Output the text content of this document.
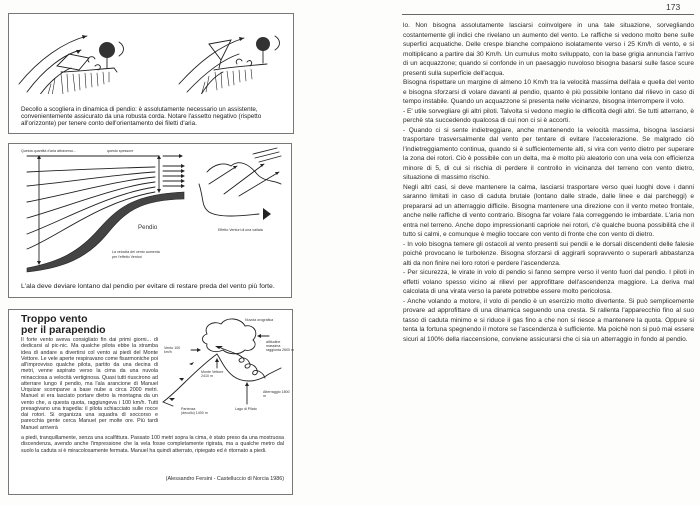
173
Decollo a scogliera in dinamica di pendio: è assolutamente necessario un assistente, convenientemente assicurato da una robusta corda. Notare l'assetto negativo (rispetto all'orizzonte) per tenere conto dell'orientamento dei filetti d'aria.
Questa quantità d'aria attraverso...	questo spessore
Pendio
La velocità del vento aumenta
per l'effetto Venturi
Effetto Venturi di una vallata
L'ala deve deviare lontano dal pendio per evitare di restare preda del vento più forte.
Troppo vento
per il parapendio
Il forte vento aveva consigliato fin dai primi giorni... di dedicarsi al pic-nic. Ma qualche pilota ebbe la stramba idea di andare a divertirsi col vento ai piedi del Monte Vettore. Le vele aperte respiravano come fisarmoniche poi all'improvviso qualche pilota, partito da una decina di metri, venne aspirato verso la cima da una nuvola minacciosa a velocità vertiginosa. Quasi tutti riuscirono ad atterrare lungo il pendio, ma l'ala arancione di Manuel Urquizar scomparve a base nube a circa 2000 metri. Manuel si era lasciato portare dietro la montagna da un vento che, a questa quota, raggiungeva i 100 km/h. Tutti presagivano una tragedia: il pilota schiacciato sulle rocce dai rotori. Si organizza una squadra di soccorso e parecchia gente cerca Manuel per molte ore. Più tardi Manuel arriverà
a piedi, tranquillamente, senza una scalfittura. Passato 100 metri sopra la cima, è stato preso da una mostruosa discendenza, avendo anche l'impressione che la vela fosse completamente rigirata, ma a qualche metro dal suolo la caduta si è miracolosamente fermata. Manuel ha quindi atterrato, ripiegato ed è ritornato a piedi.
(Alessandro Fersini - Castelluccio di Norcia 1986)
Nuvola orografica
Vento 100 km/h
altitudine massima raggiunta 2600 m
Monte Vettore 2410 m
Partenza (decollo) 1400 m
Lago di Pilato
Atterraggio 1800 m

lo. Non bisogna assolutamente lasciarsi coinvolgere in una tale situazione, sorvegliando costantemente gli indici che rivelano un aumento del vento. Le raffiche si vedono molto bene sulle superfici acquatiche. Delle crespe bianche compaiono isolatamente verso i 25 Km/h di vento, e si moltiplicano a partire dai 30 Km/h. Un cumulus molto sviluppato, con la base grigia annuncia l'arrivo di un acquazzone; quando si confonde in un paesaggio nuvoloso bisogna basarsi sulle fasce scure presenti sulla superficie dell'acqua.

Bisogna rispettare un margine di almeno 10 Km/h tra la velocità massima dell'ala e quella del vento e bisogna sforzarsi di volare davanti al pendio, quanto è più possibile lontano dal rilievo in caso di tempo instabile. Quando un acquazzone si presenta nelle vicinanze, bisogna interrompere il volo.

- E' utile sorvegliare gli altri piloti. Talvolta si vedono meglio le difficoltà degli altri. Se tutti atterrano, è perchè sta succedendo qualcosa di cui non ci si è accorti.

- Quando ci si sente indietreggiare, anche mantenendo la velocità massima, bisogna lasciarsi trasportare trasversalmente dal vento per tentare di evitare l'accelerazione. Se malgrado ciò l'indietreggiamento continua, quando si è sufficientemente alti, si vira con vento dietro per superare la zona dei rotori. Ciò è possibile con un delta, ma è molto più aleatorio con una vela con efficienza minore di 5, di cui si rischia di perdere il controllo in vicinanza del terreno con vento dietro, situazione di massimo rischio.

Negli altri casi, si deve mantenere la calma, lasciarsi trasportare verso quei luoghi dove i danni saranno limitati in caso di caduta brutale (lontano dalle strade, dalle linee e dai parcheggi) e prepararsi ad un atterraggio difficile. Bisogna mantenere una direzione con il vento meteo frontale, anche nelle raffiche di vento contrario. Bisogna far volare l'ala correggendo le imbardate. L'aria non entra nel terreno. Anche dopo impressionanti capriole nei rotori, c'è qualche buona possibilità che il tutto si calmi, e comunque è meglio toccare con vento di fronte che con vento di dietro.

- In volo bisogna temere gli ostacoli al vento presenti sui pendii e le dorsali discendenti delle falesie poichè provocano le turbolenze. Bisogna sforzarsi di aggirarli sopravvento o superarli abbastanza alti da non finire nei loro rotori e perdere l'ascendenza.

- Per sicurezza, le virate in volo di pendio si fanno sempre verso il vento fuori dal pendio. I piloti in effetti volano spesso vicino ai rilievi per approfittare dell'ascendenza maggiore. La deriva mal calcolata di una virata verso la parete potrebbe essere molto pericolosa.

- Anche volando a motore, il volo di pendio è un esercizio molto divertente. Si può semplicemente provare ad approfittare di una dinamica seguendo una cresta. Si rallenta l'apparecchio fino al suo tasso di caduta minimo e si riduce il gas fino a che non si riesce a mantenere la quota. Oppure si tenta la fortuna spegnendo il motore se l'ascendenza è sufficiente. Ma poichè non si può mai essere sicuri al 100% della riaccensione, conviene assicurarsi che ci sia un atterraggio in fondo al pendio.
